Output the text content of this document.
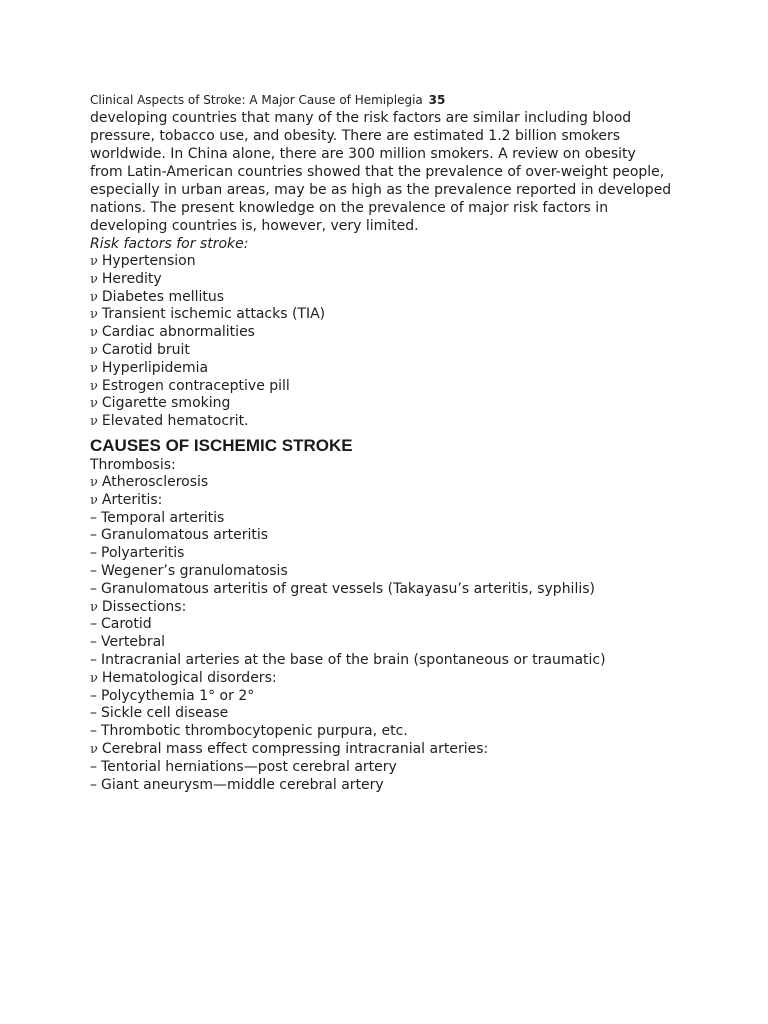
Clinical Aspects of Stroke: A Major Cause of Hemiplegia 35

developing countries that many of the risk factors are similar including blood

pressure, tobacco use, and obesity. There are estimated 1.2 billion smokers

worldwide. In China alone, there are 300 million smokers. A review on obesity

from Latin-American countries showed that the prevalence of over-weight people,

especially in urban areas, may be as high as the prevalence reported in developed

nations. The present knowledge on the prevalence of major risk factors in

developing countries is, however, very limited.

Risk factors for stroke:

ν Hypertension
ν Heredity
ν Diabetes mellitus
ν Transient ischemic attacks (TIA)
ν Cardiac abnormalities
ν Carotid bruit
ν Hyperlipidemia
ν Estrogen contraceptive pill
ν Cigarette smoking
ν Elevated hematocrit.
CAUSES OF ISCHEMIC STROKE

Thrombosis:

ν Atherosclerosis
ν Arteritis:
– Temporal arteritis
– Granulomatous arteritis
– Polyarteritis
– Wegener’s granulomatosis
– Granulomatous arteritis of great vessels (Takayasu’s arteritis, syphilis)
ν Dissections:
– Carotid
– Vertebral
– Intracranial arteries at the base of the brain (spontaneous or traumatic)
ν Hematological disorders:
– Polycythemia 1° or 2°
– Sickle cell disease
– Thrombotic thrombocytopenic purpura, etc.
ν Cerebral mass effect compressing intracranial arteries:
– Tentorial herniations—post cerebral artery
– Giant aneurysm—middle cerebral artery
